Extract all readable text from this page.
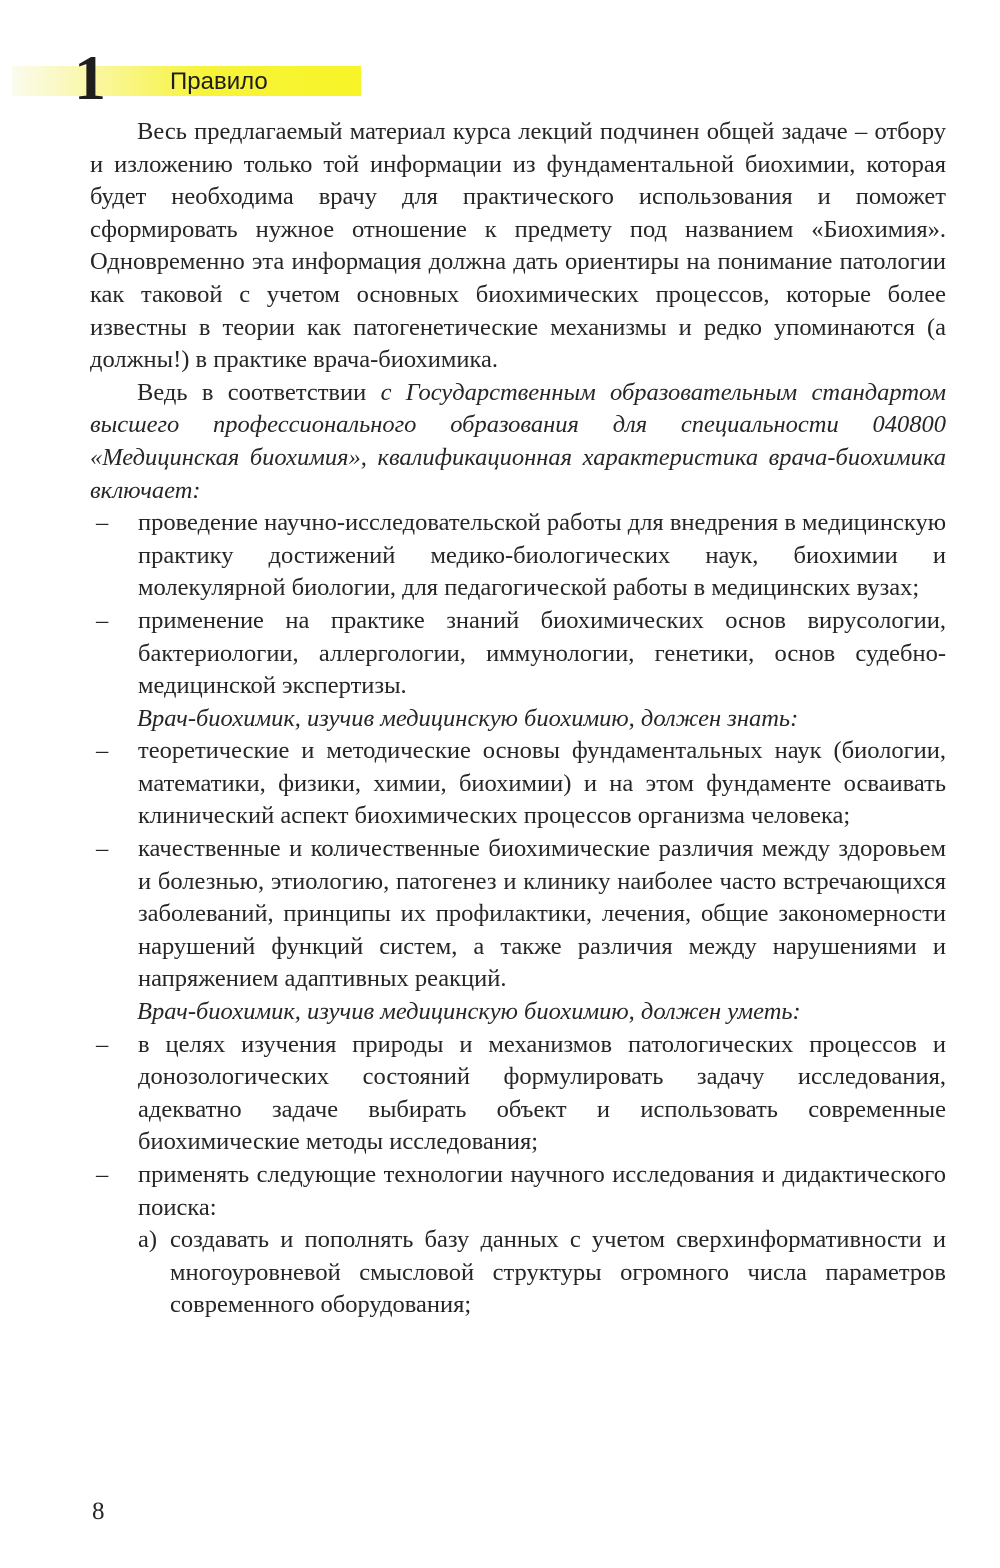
1	Правило

Весь предлагаемый материал курса лекций подчинен общей задаче – отбору и изложению только той информации из фундаментальной биохимии, которая будет необходима врачу для практического использования и поможет сформировать нужное отношение к предмету под названием «Биохимия». Одновременно эта информация должна дать ориентиры на понимание патологии как таковой с учетом основных биохимических процессов, которые более известны в теории как патогенетические механизмы и редко упоминаются (а должны!) в практике врача-биохимика.

Ведь в соответствии с Государственным образовательным стандартом высшего профессионального образования для специальности 040800 «Медицинская биохимия», квалификационная характеристика врача-биохимика включает:

– проведение научно-исследовательской работы для внедрения в медицинскую практику достижений медико-биологических наук, биохимии и молекулярной биологии, для педагогической работы в медицинских вузах;
– применение на практике знаний биохимических основ вирусологии, бактериологии, аллергологии, иммунологии, генетики, основ судебно-медицинской экспертизы.

Врач-биохимик, изучив медицинскую биохимию, должен знать:

– теоретические и методические основы фундаментальных наук (биологии, математики, физики, химии, биохимии) и на этом фундаменте осваивать клинический аспект биохимических процессов организма человека;
– качественные и количественные биохимические различия между здоровьем и болезнью, этиологию, патогенез и клинику наиболее часто встречающихся заболеваний, принципы их профилактики, лечения, общие закономерности нарушений функций систем, а также различия между нарушениями и напряжением адаптивных реакций.

Врач-биохимик, изучив медицинскую биохимию, должен уметь:

– в целях изучения природы и механизмов патологических процессов и донозологических состояний формулировать задачу исследования, адекватно задаче выбирать объект и использовать современные биохимические методы исследования;
– применять следующие технологии научного исследования и дидактического поиска:
а) создавать и пополнять базу данных с учетом сверхинформативности и многоуровневой смысловой структуры огромного числа параметров современного оборудования;
8
